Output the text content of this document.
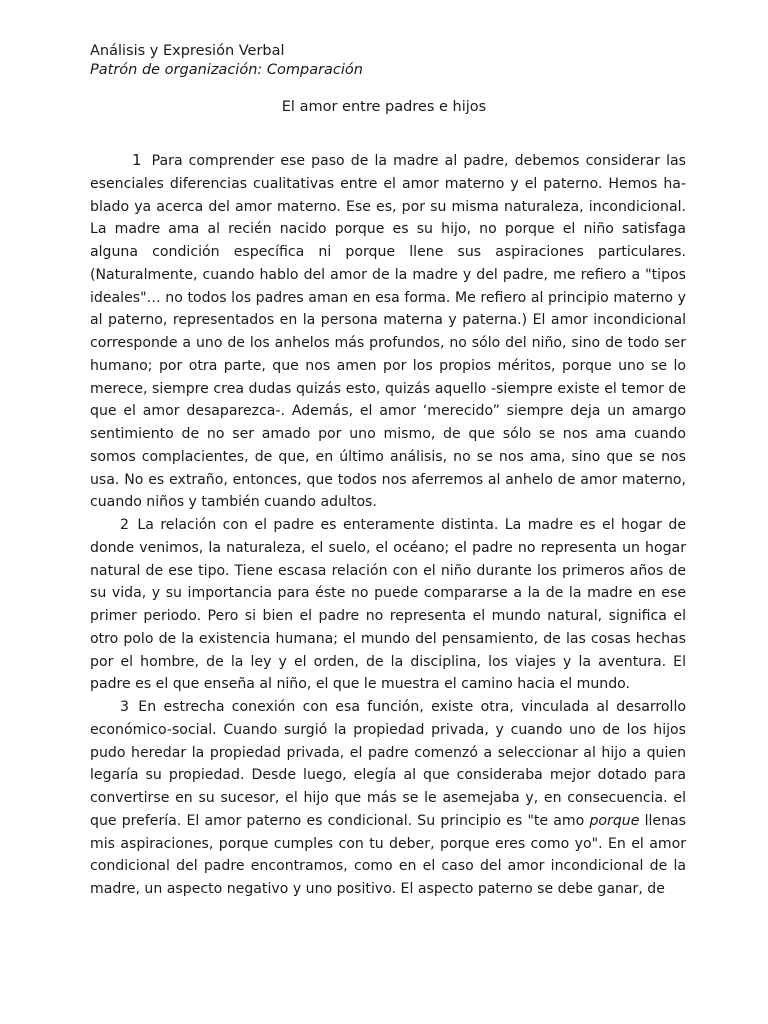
Análisis y Expresión Verbal
Patrón de organización: Comparación
El amor entre padres e hijos

1 Para comprender ese paso de la madre al padre, debemos considerar las esenciales diferencias cualitativas entre el amor materno y el paterno. Hemos ha-blado ya acerca del amor materno. Ese es, por su misma naturaleza, incondicional. La madre ama al recién nacido porque es su hijo, no porque el niño satisfaga alguna condición específica ni porque llene sus aspiraciones particulares. (Naturalmente, cuando hablo del amor de la madre y del padre, me refiero a "tipos ideales"… no todos los padres aman en esa forma. Me refiero al principio materno y al paterno, representados en la persona materna y paterna.) El amor incondicional corresponde a uno de los anhelos más profundos, no sólo del niño, sino de todo ser humano; por otra parte, que nos amen por los propios méritos, porque uno se lo merece, siempre crea dudas quizás esto, quizás aquello -siempre existe el temor de que el amor desaparezca-. Además, el amor ‘merecido” siempre deja un amargo sentimiento de no ser amado por uno mismo, de que sólo se nos ama cuando somos complacientes, de que, en último análisis, no se nos ama, sino que se nos usa. No es extraño, entonces, que todos nos aferremos al anhelo de amor materno, cuando niños y también cuando adultos.

2 La relación con el padre es enteramente distinta. La madre es el hogar de donde venimos, la naturaleza, el suelo, el océano; el padre no representa un hogar natural de ese tipo. Tiene escasa relación con el niño durante los primeros años de su vida, y su importancia para éste no puede compararse a la de la madre en ese primer periodo. Pero si bien el padre no representa el mundo natural, significa el otro polo de la existencia humana; el mundo del pensamiento, de las cosas hechas por el hombre, de la ley y el orden, de la disciplina, los viajes y la aventura. El padre es el que enseña al niño, el que le muestra el camino hacia el mundo.

3 En estrecha conexión con esa función, existe otra, vinculada al desarrollo económico-social. Cuando surgió la propiedad privada, y cuando uno de los hijos pudo heredar la propiedad privada, el padre comenzó a seleccionar al hijo a quien legaría su propiedad. Desde luego, elegía al que consideraba mejor dotado para convertirse en su sucesor, el hijo que más se le asemejaba y, en consecuencia. el que prefería. El amor paterno es condicional. Su principio es "te amo porque llenas mis aspiraciones, porque cumples con tu deber, porque eres como yo". En el amor condicional del padre encontramos, como en el caso del amor incondicional de la madre, un aspecto negativo y uno positivo. El aspecto paterno se debe ganar, de
